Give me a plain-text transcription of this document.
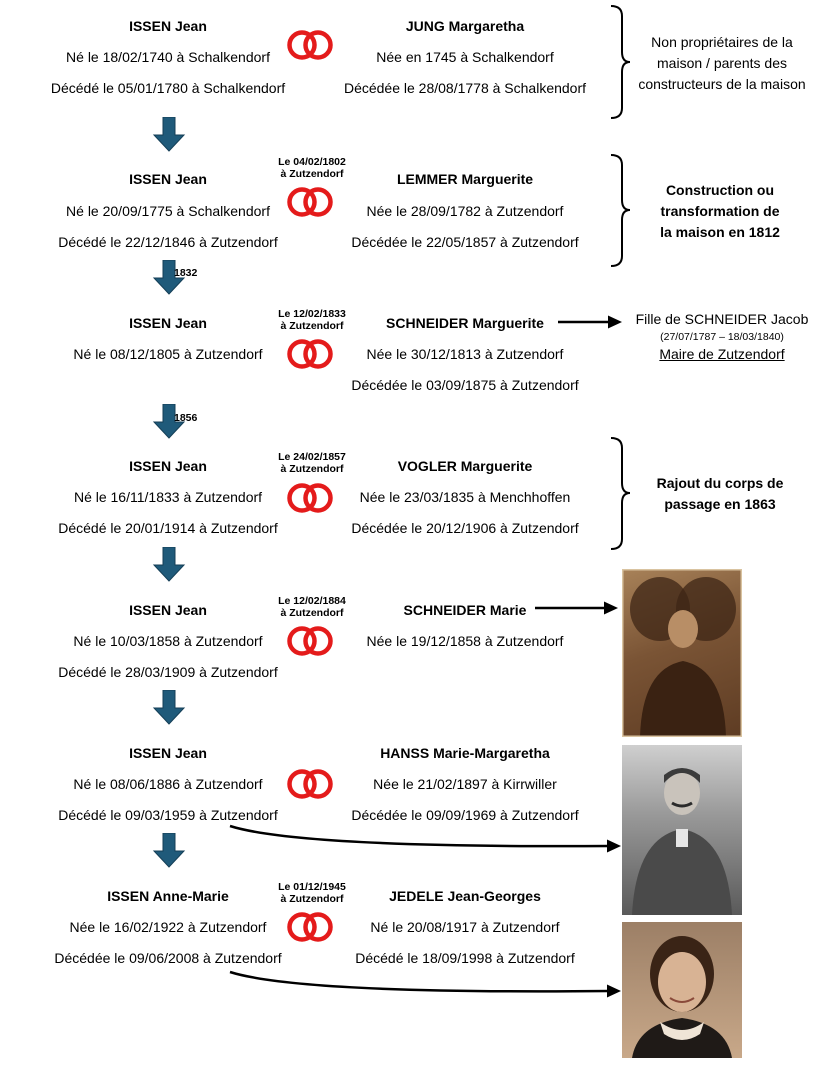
ISSEN Jean
Né le 18/02/1740 à Schalkendorf
Décédé le 05/01/1780 à Schalkendorf
JUNG Margaretha
Née en 1745 à Schalkendorf
Décédée le 28/08/1778 à Schalkendorf
ISSEN Jean
Né le 20/09/1775 à Schalkendorf
Décédé le 22/12/1846 à Zutzendorf
Le 04/02/1802
à Zutzendorf	LEMMER Marguerite
Née le 28/09/1782 à Zutzendorf
Décédée le 22/05/1857 à Zutzendorf
ISSEN Jean
Né le 08/12/1805 à Zutzendorf
Le 12/02/1833
à Zutzendorf	SCHNEIDER Marguerite
Née le 30/12/1813 à Zutzendorf
Décédée le 03/09/1875 à Zutzendorf
ISSEN Jean
Né le 16/11/1833 à Zutzendorf
Décédé le 20/01/1914 à Zutzendorf
Le 24/02/1857
à Zutzendorf	VOGLER Marguerite
Née le 23/03/1835 à Menchhoffen
Décédée le 20/12/1906 à Zutzendorf
ISSEN Jean
Né le 10/03/1858 à Zutzendorf
Décédé le 28/03/1909 à Zutzendorf
Le 12/02/1884
à Zutzendorf	SCHNEIDER Marie
Née le 19/12/1858 à Zutzendorf
ISSEN Jean
Né le 08/06/1886 à Zutzendorf
Décédé le 09/03/1959 à Zutzendorf
HANSS Marie-Margaretha
Née le 21/02/1897 à Kirrwiller
Décédée le 09/09/1969 à Zutzendorf
ISSEN Anne-Marie
Née le 16/02/1922 à Zutzendorf
Décédée le 09/06/2008 à Zutzendorf
Le 01/12/1945
à Zutzendorf	JEDELE Jean-Georges
Né le 20/08/1917 à Zutzendorf
Décédé le 18/09/1998 à Zutzendorf
1832
1856
Non propriétaires de la
maison / parents des
constructeurs de la maison
Construction ou
transformation de
la maison en 1812
Fille de SCHNEIDER Jacob
(27/07/1787 – 18/03/1840)
Maire de Zutzendorf
Rajout du corps de
passage en 1863
